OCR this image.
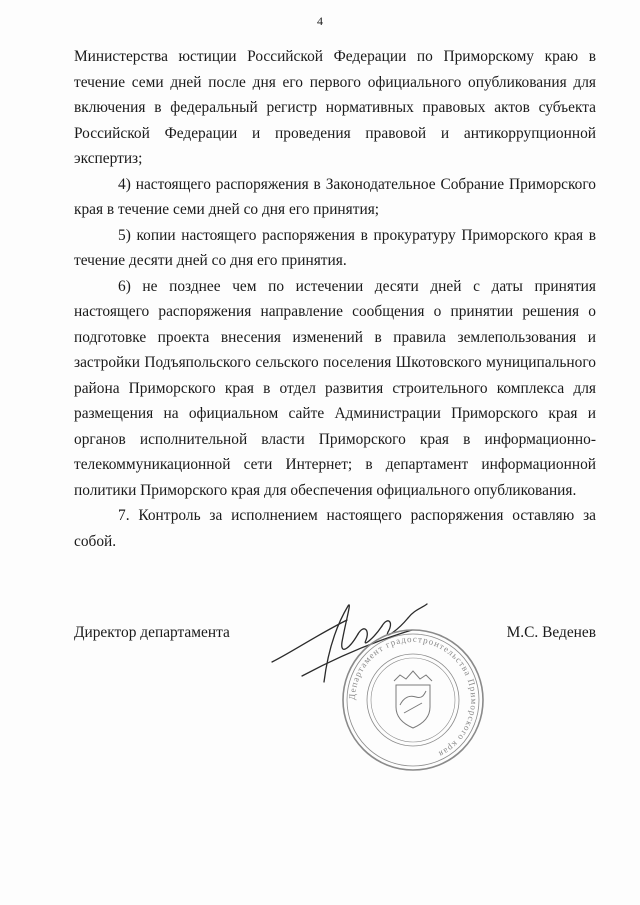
4

Министерства юстиции Российской Федерации по Приморскому краю в течение семи дней после дня его первого официального опубликования для включения в федеральный регистр нормативных правовых актов субъекта Российской Федерации и проведения правовой и антикоррупционной экспертиз;

4) настоящего распоряжения в Законодательное Собрание Приморского края в течение семи дней со дня его принятия;

5) копии настоящего распоряжения в прокуратуру Приморского края в течение десяти дней со дня его принятия.

6) не позднее чем по истечении десяти дней с даты принятия настоящего распоряжения направление сообщения о принятии решения о подготовке проекта внесения изменений в правила землепользования и застройки Подъяпольского сельского поселения Шкотовского муниципального района Приморского края в отдел развития строительного комплекса для размещения на официальном сайте Администрации Приморского края и органов исполнительной власти Приморского края в информационно-телекоммуникационной сети Интернет; в департамент информационной политики Приморского края для обеспечения официального опубликования.

7. Контроль за исполнением настоящего распоряжения оставляю за собой.

Директор департамента	М.С. Веденев
Департамент градостроительства Приморского края
